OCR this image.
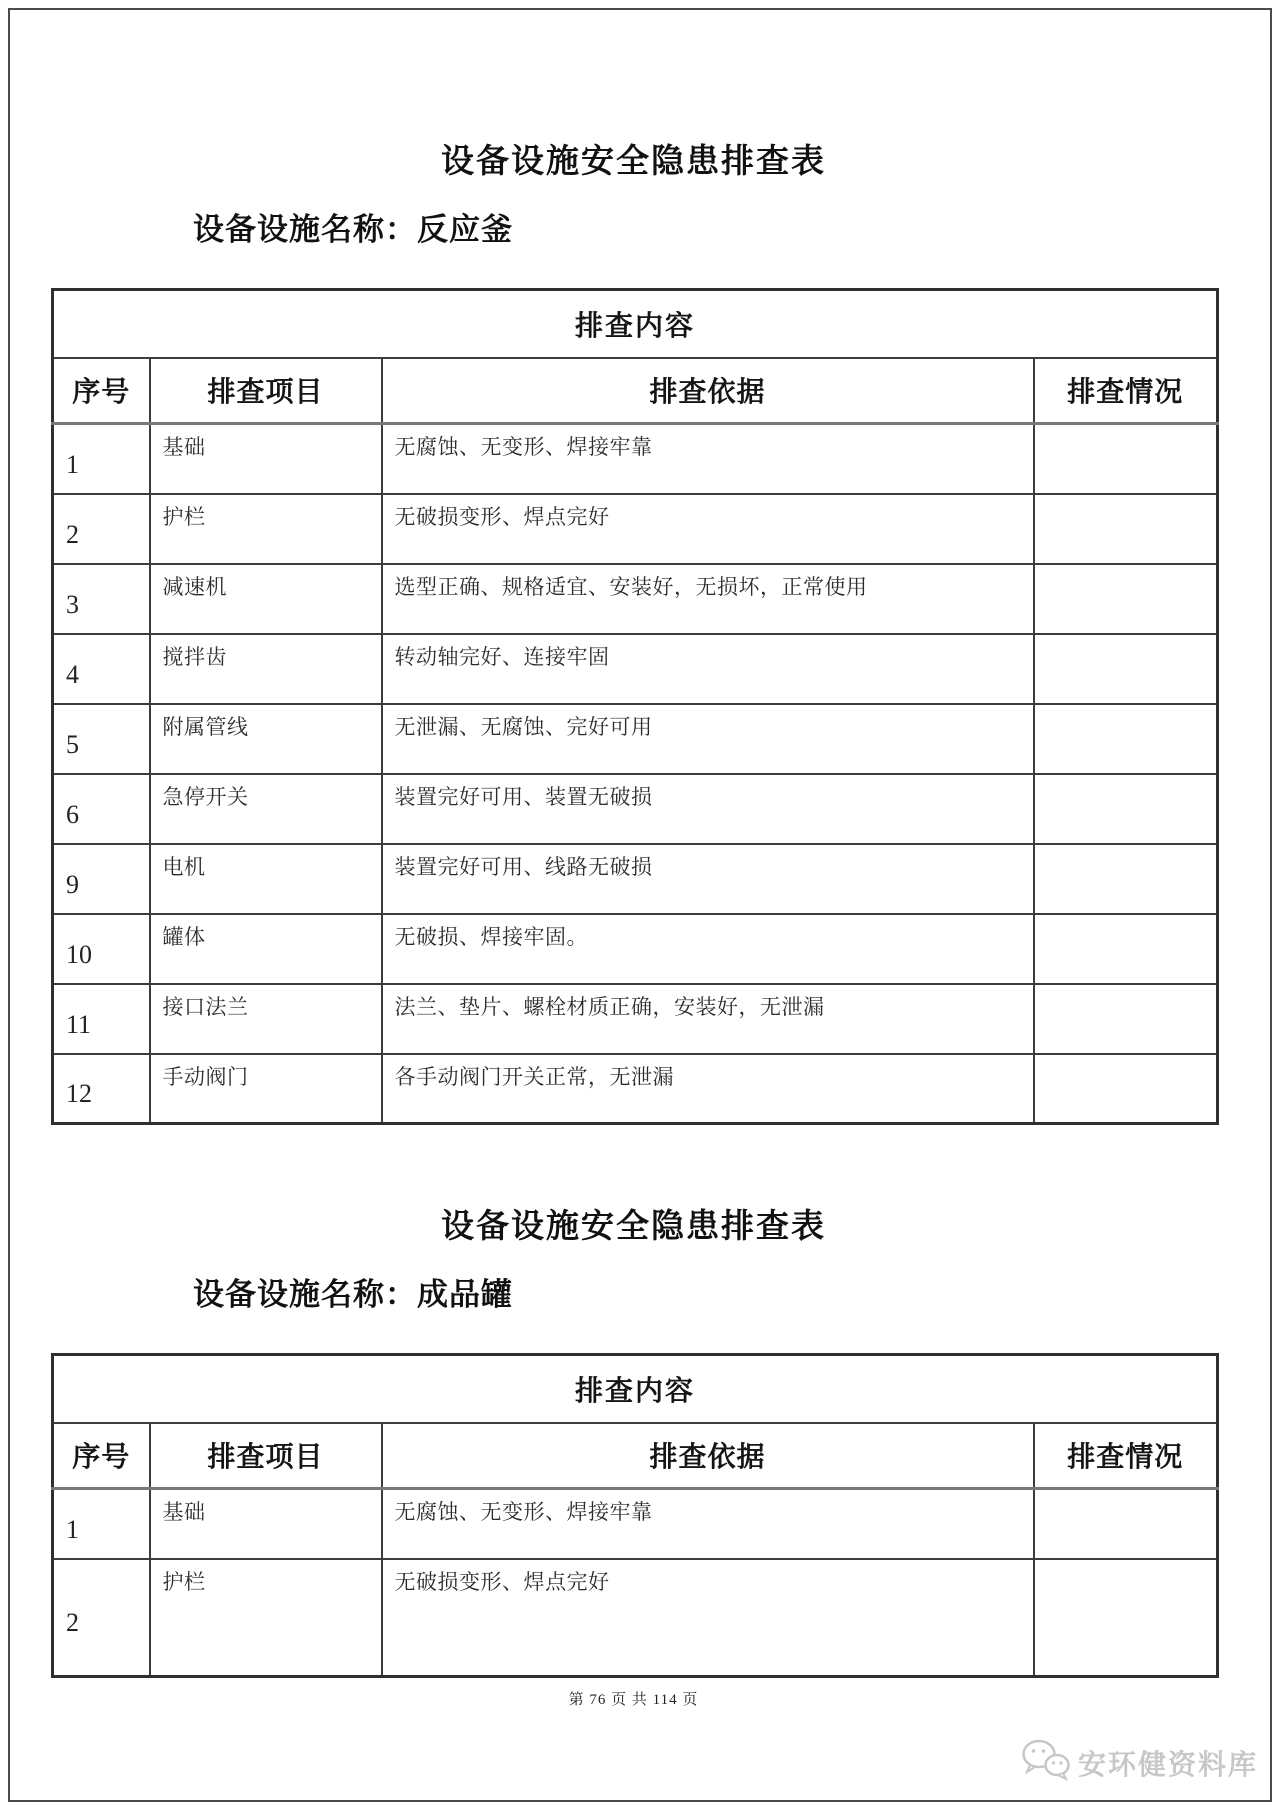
设备设施安全隐患排查表
设备设施名称：反应釜
排查内容			
序号	排查项目	排查依据	排查情况
1	基础	无腐蚀、无变形、焊接牢靠	
2	护栏	无破损变形、焊点完好	
3	减速机	选型正确、规格适宜、安装好，无损坏，正常使用	
4	搅拌齿	转动轴完好、连接牢固	
5	附属管线	无泄漏、无腐蚀、完好可用	
6	急停开关	装置完好可用、装置无破损	
9	电机	装置完好可用、线路无破损	
10	罐体	无破损、焊接牢固。	
11	接口法兰	法兰、垫片、螺栓材质正确，安装好，无泄漏	
12	手动阀门	各手动阀门开关正常，无泄漏	
设备设施安全隐患排查表
设备设施名称：成品罐
排查内容			
序号	排查项目	排查依据	排查情况
1	基础	无腐蚀、无变形、焊接牢靠	
2	护栏	无破损变形、焊点完好	
第 76 页 共 114 页
安环健资料库
